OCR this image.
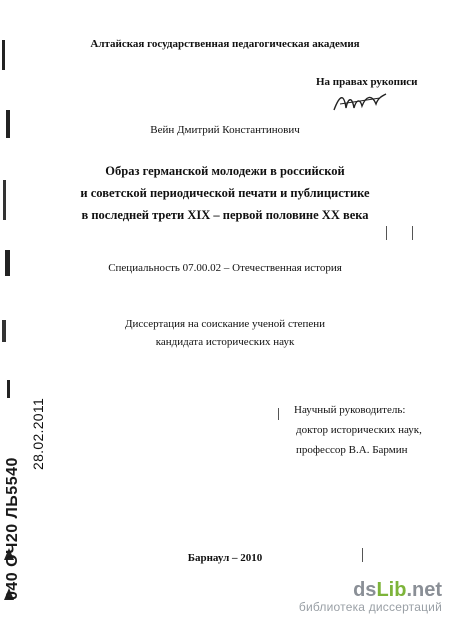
040 ОЧ20 ЛЬ5540
28.02.2011

Алтайская государственная педагогическая академия

На правах рукописи

Вейн Дмитрий Константинович

Образ германской молодежи в российской

и советской периодической печати и публицистике

в последней трети XIX – первой половине XX века

Специальность 07.00.02 – Отечественная история

Диссертация на соискание ученой степени

кандидата исторических наук

Научный руководитель:

доктор исторических наук,

профессор В.А. Бармин

Барнаул – 2010

dsLib.net
библиотека диссертаций
